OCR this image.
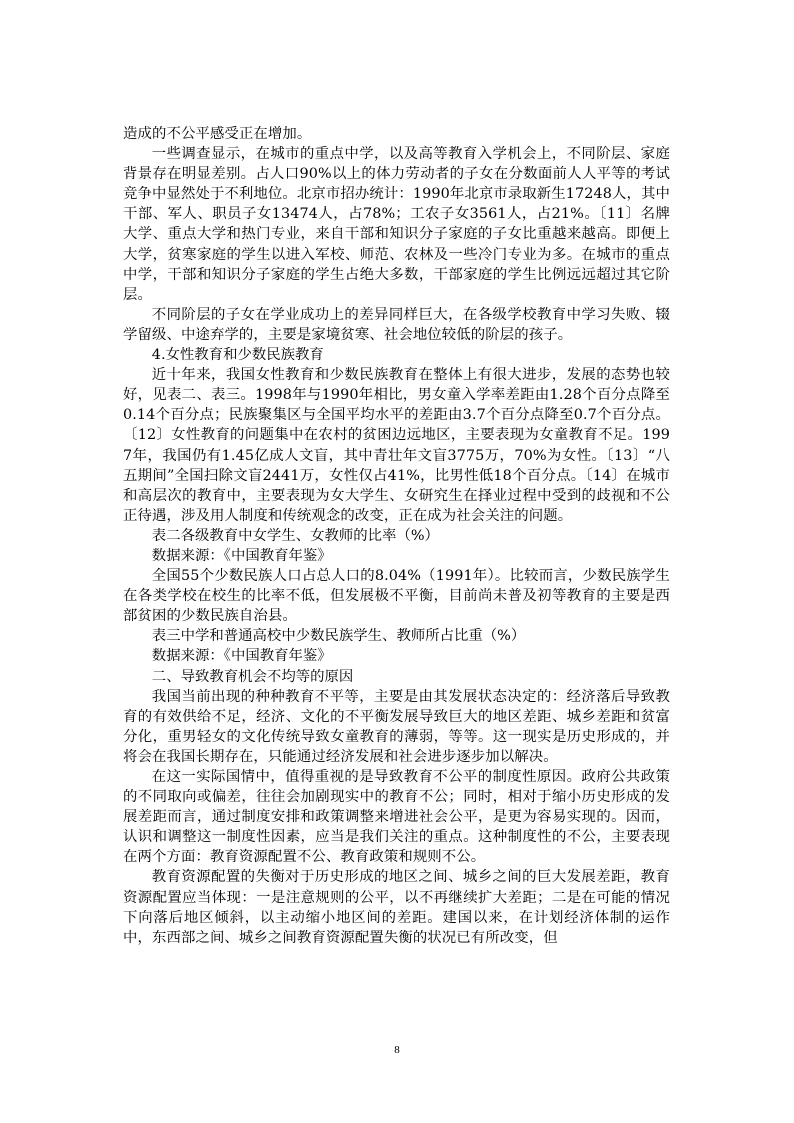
造成的不公平感受正在增加。

一些调查显示，在城市的重点中学，以及高等教育入学机会上，不同阶层、家庭背景存在明显差别。占人口90%以上的体力劳动者的子女在分数面前人人平等的考试竞争中显然处于不利地位。北京市招办统计：1990年北京市录取新生17248人，其中干部、军人、职员子女13474人，占78%；工农子女3561人，占21%。〔11〕名牌大学、重点大学和热门专业，来自干部和知识分子家庭的子女比重越来越高。即便上大学，贫寒家庭的学生以进入军校、师范、农林及一些冷门专业为多。在城市的重点中学，干部和知识分子家庭的学生占绝大多数，干部家庭的学生比例远远超过其它阶层。

不同阶层的子女在学业成功上的差异同样巨大，在各级学校教育中学习失败、辍学留级、中途弃学的，主要是家境贫寒、社会地位较低的阶层的孩子。

4.女性教育和少数民族教育

近十年来，我国女性教育和少数民族教育在整体上有很大进步，发展的态势也较好，见表二、表三。1998年与1990年相比，男女童入学率差距由1.28个百分点降至0.14个百分点；民族聚集区与全国平均水平的差距由3.7个百分点降至0.7个百分点。〔12〕女性教育的问题集中在农村的贫困边远地区，主要表现为女童教育不足。1997年，我国仍有1.45亿成人文盲，其中青壮年文盲3775万，70%为女性。〔13〕“八五期间”全国扫除文盲2441万，女性仅占41%，比男性低18个百分点。〔14〕在城市和高层次的教育中，主要表现为女大学生、女研究生在择业过程中受到的歧视和不公正待遇，涉及用人制度和传统观念的改变，正在成为社会关注的问题。

表二各级教育中女学生、女教师的比率（%）

数据来源：《中国教育年鉴》

全国55个少数民族人口占总人口的8.04%（1991年）。比较而言，少数民族学生在各类学校在校生的比率不低，但发展极不平衡，目前尚未普及初等教育的主要是西部贫困的少数民族自治县。

表三中学和普通高校中少数民族学生、教师所占比重（%）

数据来源：《中国教育年鉴》

二、导致教育机会不均等的原因

我国当前出现的种种教育不平等，主要是由其发展状态决定的：经济落后导致教育的有效供给不足，经济、文化的不平衡发展导致巨大的地区差距、城乡差距和贫富分化，重男轻女的文化传统导致女童教育的薄弱，等等。这一现实是历史形成的，并将会在我国长期存在，只能通过经济发展和社会进步逐步加以解决。

在这一实际国情中，值得重视的是导致教育不公平的制度性原因。政府公共政策的不同取向或偏差，往往会加剧现实中的教育不公；同时，相对于缩小历史形成的发展差距而言，通过制度安排和政策调整来增进社会公平，是更为容易实现的。因而，认识和调整这一制度性因素，应当是我们关注的重点。这种制度性的不公，主要表现在两个方面：教育资源配置不公、教育政策和规则不公。

教育资源配置的失衡对于历史形成的地区之间、城乡之间的巨大发展差距，教育资源配置应当体现：一是注意规则的公平，以不再继续扩大差距；二是在可能的情况下向落后地区倾斜，以主动缩小地区间的差距。建国以来，在计划经济体制的运作中，东西部之间、城乡之间教育资源配置失衡的状况已有所改变，但

8
